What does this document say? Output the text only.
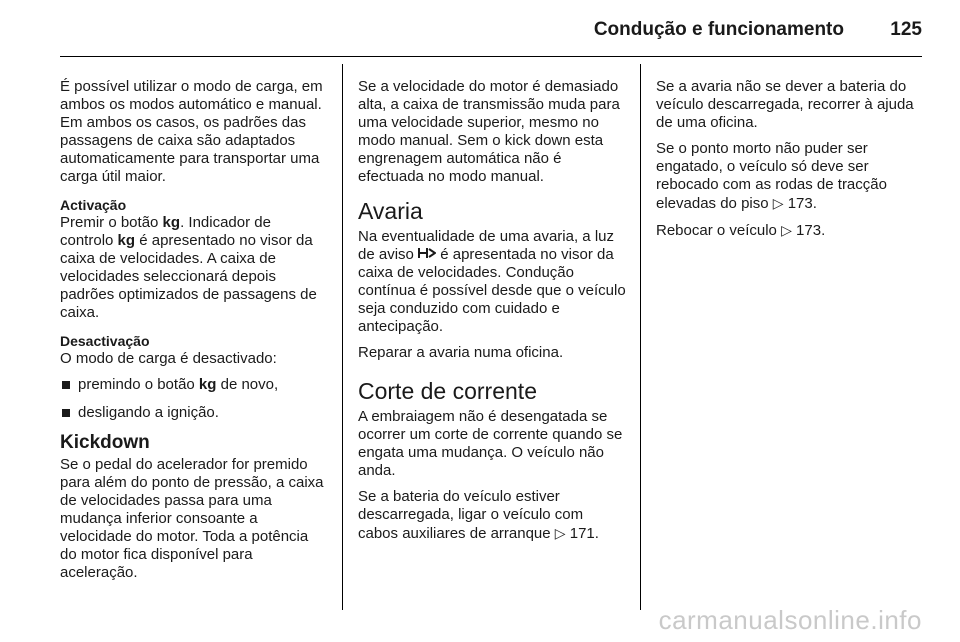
Condução e funcionamento 125

É possível utilizar o modo de carga, em ambos os modos automático e manual. Em ambos os casos, os padrões das passagens de caixa são adaptados automaticamente para transportar uma carga útil maior.

Activação

Premir o botão kg. Indicador de controlo kg é apresentado no visor da caixa de velocidades. A caixa de velocidades seleccionará depois padrões optimizados de passagens de caixa.

Desactivação

O modo de carga é desactivado:

premindo o botão kg de novo,
desligando a ignição.
Kickdown

Se o pedal do acelerador for premido para além do ponto de pressão, a caixa de velocidades passa para uma mudança inferior consoante a velocidade do motor. Toda a potência do motor fica disponível para aceleração.

Se a velocidade do motor é demasiado alta, a caixa de transmissão muda para uma velocidade superior, mesmo no modo manual. Sem o kick down esta engrenagem automática não é efectuada no modo manual.

Avaria

Na eventualidade de uma avaria, a luz de aviso  é apresentada no visor da caixa de velocidades. Condução contínua é possível desde que o veículo seja conduzido com cuidado e antecipação.

Reparar a avaria numa oficina.

Corte de corrente

A embraiagem não é desengatada se ocorrer um corte de corrente quando se engata uma mudança. O veículo não anda.

Se a bateria do veículo estiver descarregada, ligar o veículo com cabos auxiliares de arranque ▷ 171.

Se a avaria não se dever a bateria do veículo descarregada, recorrer à ajuda de uma oficina.

Se o ponto morto não puder ser engatado, o veículo só deve ser rebocado com as rodas de tracção elevadas do piso ▷ 173.

Rebocar o veículo ▷ 173.

carmanualsonline.info
